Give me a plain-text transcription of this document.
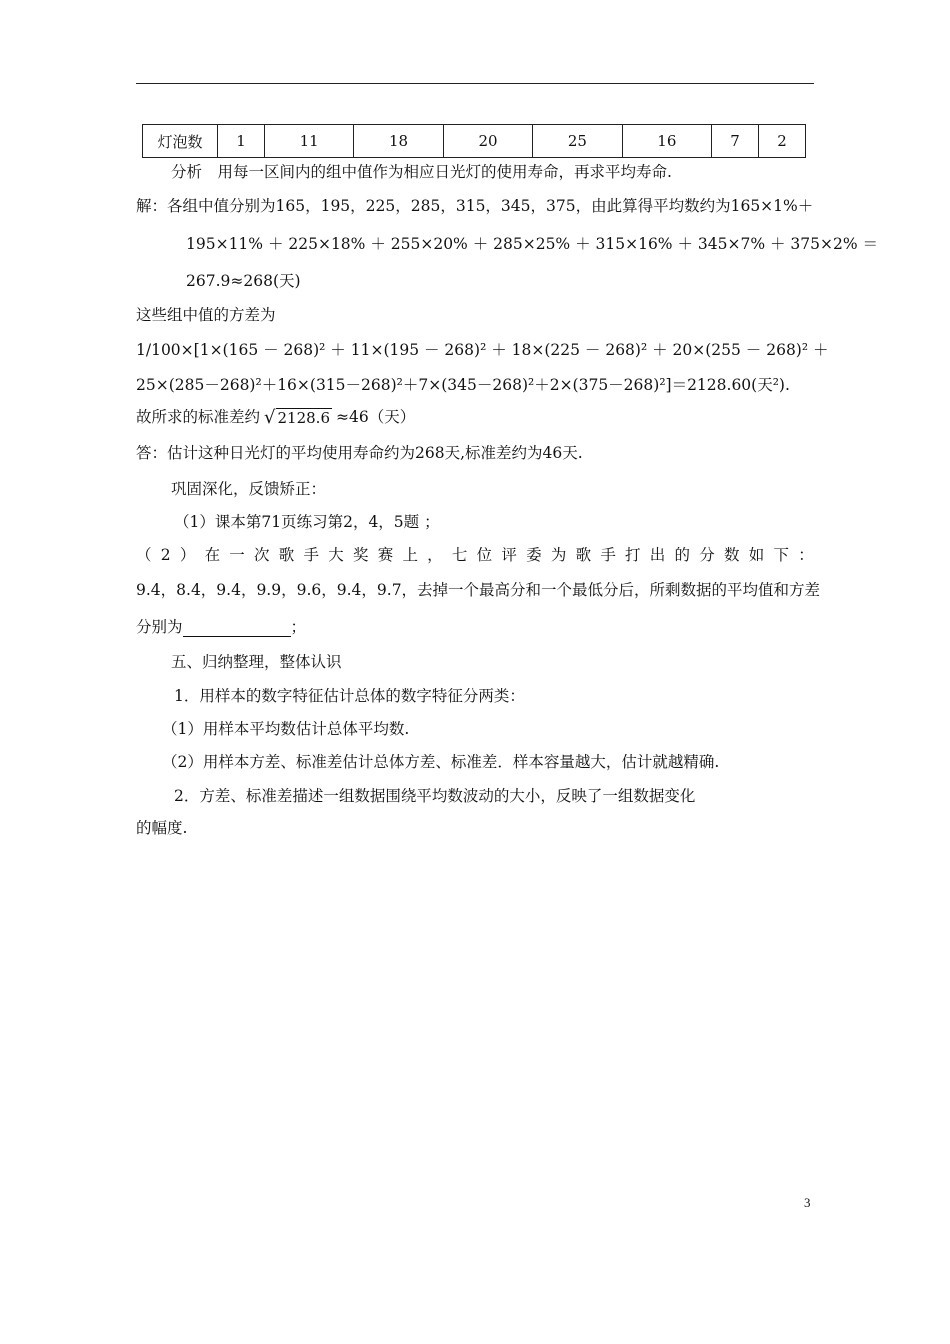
灯泡数	1	11	18	20	25	16	7	2
分析　用每一区间内的组中值作为相应日光灯的使用寿命，再求平均寿命.
解：各组中值分别为165，195，225，285，315，345，375，由此算得平均数约为165×1%＋
195×11% ＋ 225×18% ＋ 255×20% ＋ 285×25% ＋ 315×16% ＋ 345×7% ＋ 375×2% ＝
267.9≈268(天)
这些组中值的方差为
1/100×[1×(165 － 268)² ＋ 11×(195 － 268)² ＋ 18×(225 － 268)² ＋ 20×(255 － 268)² ＋
25×(285－268)²＋16×(315－268)²＋7×(345－268)²＋2×(375－268)²]＝2128.60(天²).
故所求的标准差约 √ 2128.6 ≈46（天）
答：估计这种日光灯的平均使用寿命约为268天,标准差约为46天.
巩固深化，反馈矫正：
（1）课本第71页练习第2，4，5题 ；
（ 2 ） 在 一 次 歌 手 大 奖 赛 上 ， 七 位 评 委 为 歌 手 打 出 的 分 数 如 下 ：
9.4，8.4，9.4，9.9，9.6，9.4，9.7，去掉一个最高分和一个最低分后，所剩数据的平均值和方差
分别为	；
五、归纳整理，整体认识
1．用样本的数字特征估计总体的数字特征分两类：
（1）用样本平均数估计总体平均数.
（2）用样本方差、标准差估计总体方差、标准差．样本容量越大，估计就越精确.
2．方差、标准差描述一组数据围绕平均数波动的大小，反映了一组数据变化
的幅度.
3
